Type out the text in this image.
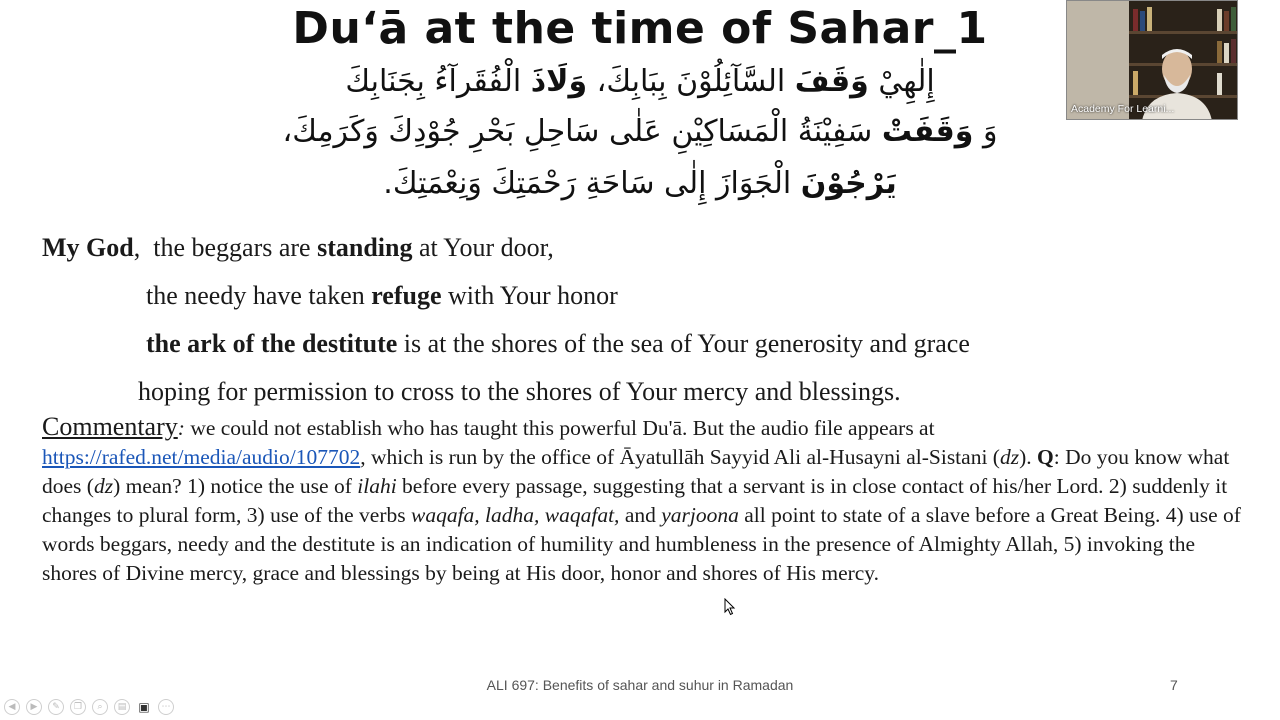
Du‘ā at the time of Sahar_1
إِلٰهِيْ وَقَفَ السَّآئِلُوْنَ بِبَابِكَ، وَلَاذَ الْفُقَرآءُ بِجَنَابِكَ
وَ وَقَفَتْ سَفِيْنَةُ الْمَسَاكِيْنِ عَلٰى سَاحِلِ بَحْرِ جُوْدِكَ وَكَرَمِكَ،
يَرْجُوْنَ الْجَوَازَ إِلٰى سَاحَةِ رَحْمَتِكَ وَنِعْمَتِكَ.
My God,  the beggars are standing at Your door,
the needy have taken refuge with Your honor
the ark of the destitute is at the shores of the sea of Your generosity and grace
hoping for permission to cross to the shores of Your mercy and blessings.
Commentary: we could not establish who has taught this powerful Du'ā. But the audio file appears at https://rafed.net/media/audio/107702, which is run by the office of Āyatullāh Sayyid Ali al-Husayni al-Sistani (dz). Q: Do you know what does (dz) mean? 1) notice the use of ilahi before every passage, suggesting that a servant is in close contact of his/her Lord. 2) suddenly it changes to plural form, 3) use of the verbs waqafa, ladha, waqafat, and yarjoona all point to state of a slave before a Great Being. 4) use of words beggars, needy and the destitute is an indication of humility and humbleness in the presence of Almighty Allah, 5) invoking the shores of Divine mercy, grace and blessings by being at His door, honor and shores of His mercy.
ALI 697: Benefits of sahar and suhur in Ramadan	7
◀	▶	✎	❐	⌕	▤	▣	⋯
Academy For Learni...
